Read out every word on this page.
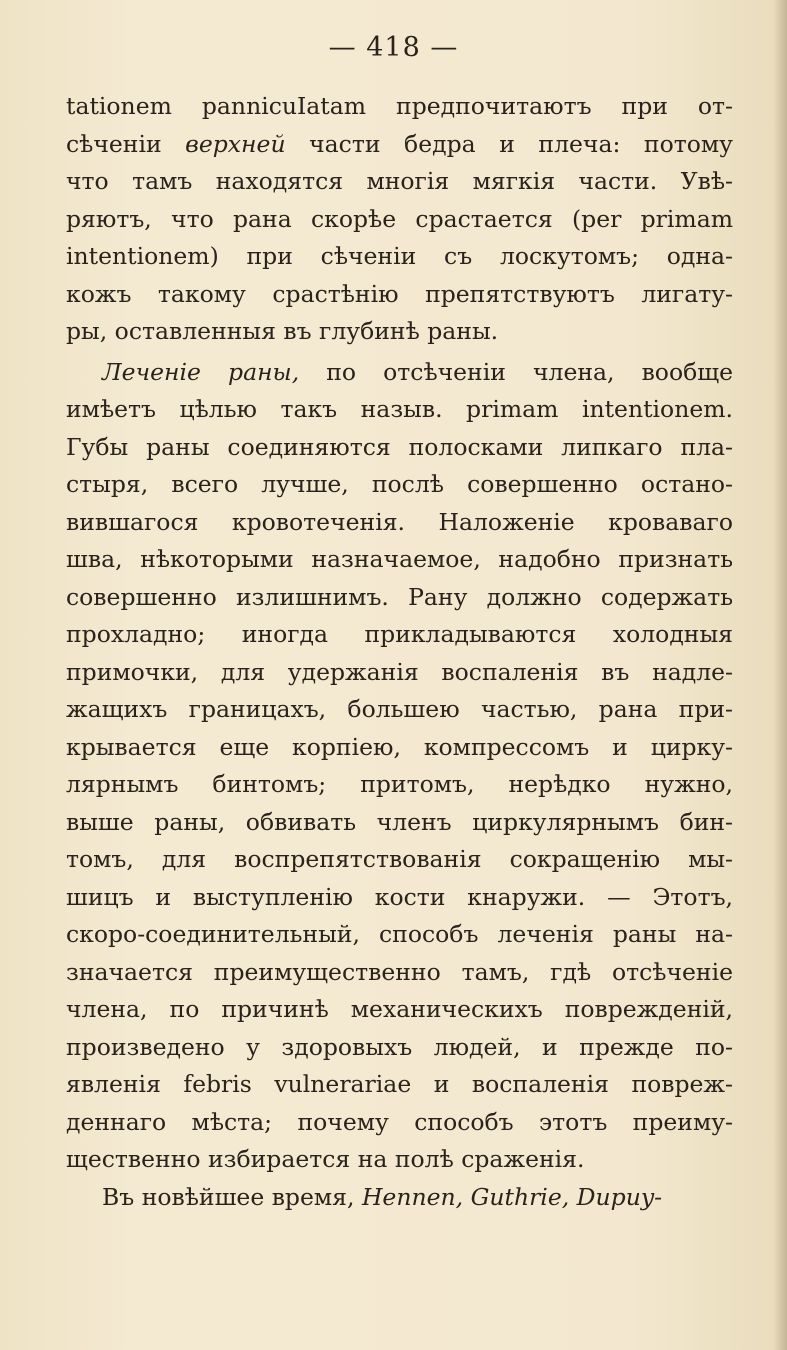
— 418 —
tationem pannicuIatam предпочитаютъ при от-
сѣченіи верхней части бедра и плеча: потому
что тамъ находятся многія мягкія части. Увѣ-
ряютъ, что рана скорѣе срастается (per primam
intentionem) при сѣченіи съ лоскутомъ; одна-
кожъ такому срастѣнію препятствуютъ лигату-
ры, оставленныя въ глубинѣ раны.
Леченіе раны, по отсѣченіи члена, вообще
имѣетъ цѣлью такъ назыв. primam intentionem.
Губы раны соединяются полосками липкаго пла-
стыря, всего лучше, послѣ совершенно остано-
вившагося кровотеченія. Наложеніе кроваваго
шва, нѣкоторыми назначаемое, надобно признать
совершенно излишнимъ. Рану должно содержать
прохладно; иногда прикладываются холодныя
примочки, для удержанія воспаленія въ надле-
жащихъ границахъ, большею частью, рана при-
крывается еще корпіею, компрессомъ и цирку-
лярнымъ бинтомъ; притомъ, нерѣдко нужно,
выше раны, обвивать членъ циркулярнымъ бин-
томъ, для воспрепятствованія сокращенію мы-
шицъ и выступленію кости кнаружи. — Этотъ,
скоро-соединительный, способъ леченія раны на-
значается преимущественно тамъ, гдѣ отсѣченіе
члена, по причинѣ механическихъ поврежденій,
произведено у здоровыхъ людей, и прежде по-
явленія febris vulnerariae и воспаленія повреж-
деннаго мѣста; почему способъ этотъ преиму-
щественно избирается на полѣ сраженія.
Въ новѣйшее время, Неппеn, Guthrie, Dupuy-
